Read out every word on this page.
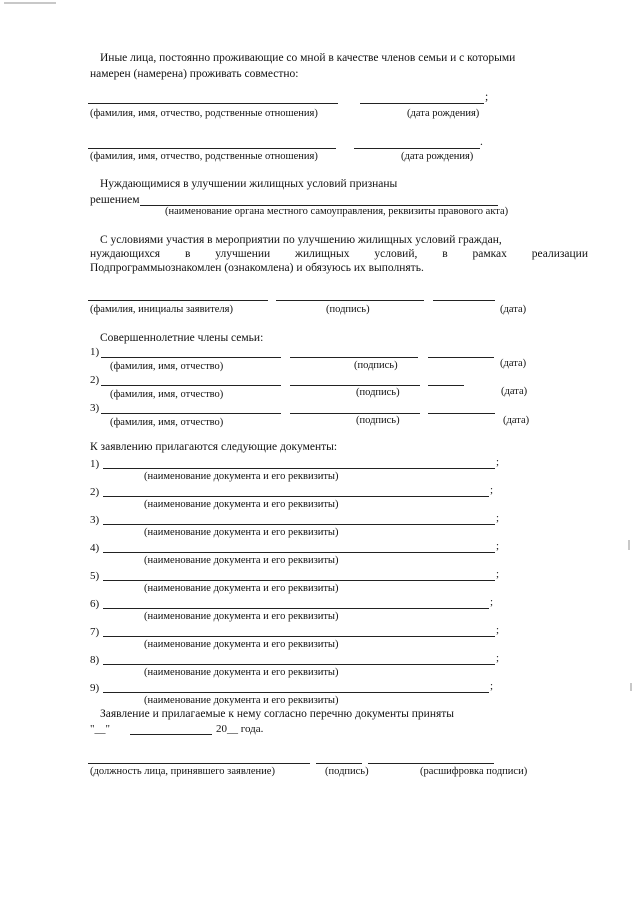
Иные лица, постоянно проживающие со мной в качестве членов семьи и с которыми
намерен (намерена) проживать совместно:
;
(фамилия, имя, отчество, родственные отношения)	(дата рождения)
.
(фамилия, имя, отчество, родственные отношения)	(дата рождения)
Нуждающимися в улучшении жилищных условий признаны
решением
(наименование органа местного самоуправления, реквизиты правового акта)
С условиями участия в мероприятии по улучшению жилищных условий граждан,
нуждающихся в улучшении жилищных условий, в рамках реализации
Подпрограммыознакомлен (ознакомлена) и обязуюсь их выполнять.
(фамилия, инициалы заявителя)	(подпись)	(дата)
Совершеннолетние члены семьи:
1)
(фамилия, имя, отчество)	(подпись)	(дата)
2)
(фамилия, имя, отчество)	(подпись)	(дата)
3)
(фамилия, имя, отчество)	(подпись)	(дата)
К заявлению прилагаются следующие документы:
1)	;
(наименование документа и его реквизиты)
2)	;
(наименование документа и его реквизиты)
3)	;
(наименование документа и его реквизиты)
4)	;
(наименование документа и его реквизиты)
5)	;
(наименование документа и его реквизиты)
6)	;
(наименование документа и его реквизиты)
7)	;
(наименование документа и его реквизиты)
8)	;
(наименование документа и его реквизиты)
9)	;
(наименование документа и его реквизиты)
Заявление и прилагаемые к нему согласно перечню документы приняты
"__"	20__ года.
(должность лица, принявшего заявление)	(подпись)	(расшифровка подписи)
